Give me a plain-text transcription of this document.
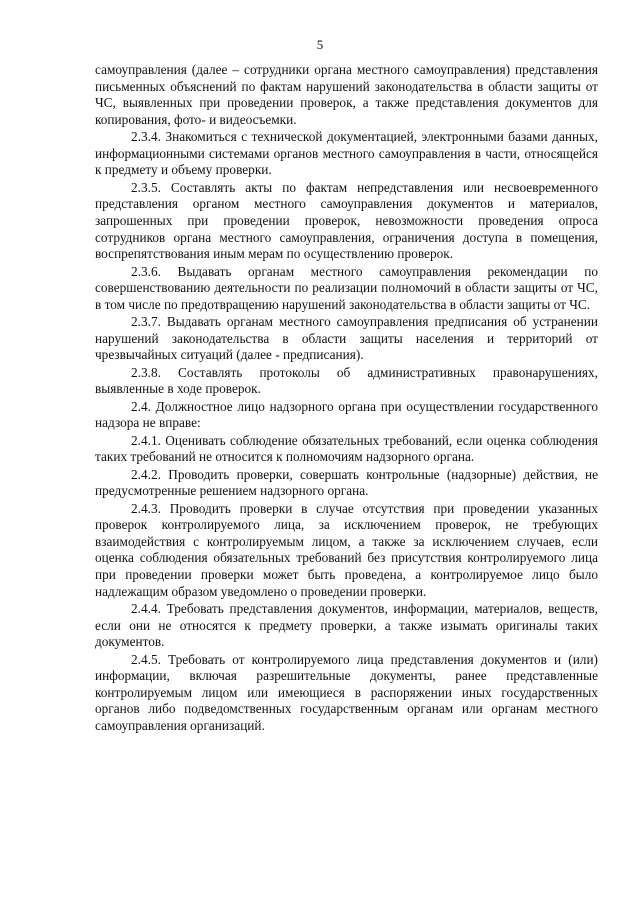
5

самоуправления (далее – сотрудники органа местного самоуправления) представления письменных объяснений по фактам нарушений законодательства в области защиты от ЧС, выявленных при проведении проверок, а также представления документов для копирования, фото- и видеосъемки.

2.3.4. Знакомиться с технической документацией, электронными базами данных, информационными системами органов местного самоуправления в части, относящейся к предмету и объему проверки.

2.3.5. Составлять акты по фактам непредставления или несвоевременного представления органом местного самоуправления документов и материалов, запрошенных при проведении проверок, невозможности проведения опроса сотрудников органа местного самоуправления, ограничения доступа в помещения, воспрепятствования иным мерам по осуществлению проверок.

2.3.6. Выдавать органам местного самоуправления рекомендации по совершенствованию деятельности по реализации полномочий в области защиты от ЧС, в том числе по предотвращению нарушений законодательства в области защиты от ЧС.

2.3.7. Выдавать органам местного самоуправления предписания об устранении нарушений законодательства в области защиты населения и территорий от чрезвычайных ситуаций (далее - предписания).

2.3.8. Составлять протоколы об административных правонарушениях, выявленные в ходе проверок.

2.4. Должностное лицо надзорного органа при осуществлении государственного надзора не вправе:

2.4.1. Оценивать соблюдение обязательных требований, если оценка соблюдения таких требований не относится к полномочиям надзорного органа.

2.4.2. Проводить проверки, совершать контрольные (надзорные) действия, не предусмотренные решением надзорного органа.

2.4.3. Проводить проверки в случае отсутствия при проведении указанных проверок контролируемого лица, за исключением проверок, не требующих взаимодействия с контролируемым лицом, а также за исключением случаев, если оценка соблюдения обязательных требований без присутствия контролируемого лица при проведении проверки может быть проведена, а контролируемое лицо было надлежащим образом уведомлено о проведении проверки.

2.4.4. Требовать представления документов, информации, материалов, веществ, если они не относятся к предмету проверки, а также изымать оригиналы таких документов.

2.4.5. Требовать от контролируемого лица представления документов и (или) информации, включая разрешительные документы, ранее представленные контролируемым лицом или имеющиеся в распоряжении иных государственных органов либо подведомственных государственным органам или органам местного самоуправления организаций.
